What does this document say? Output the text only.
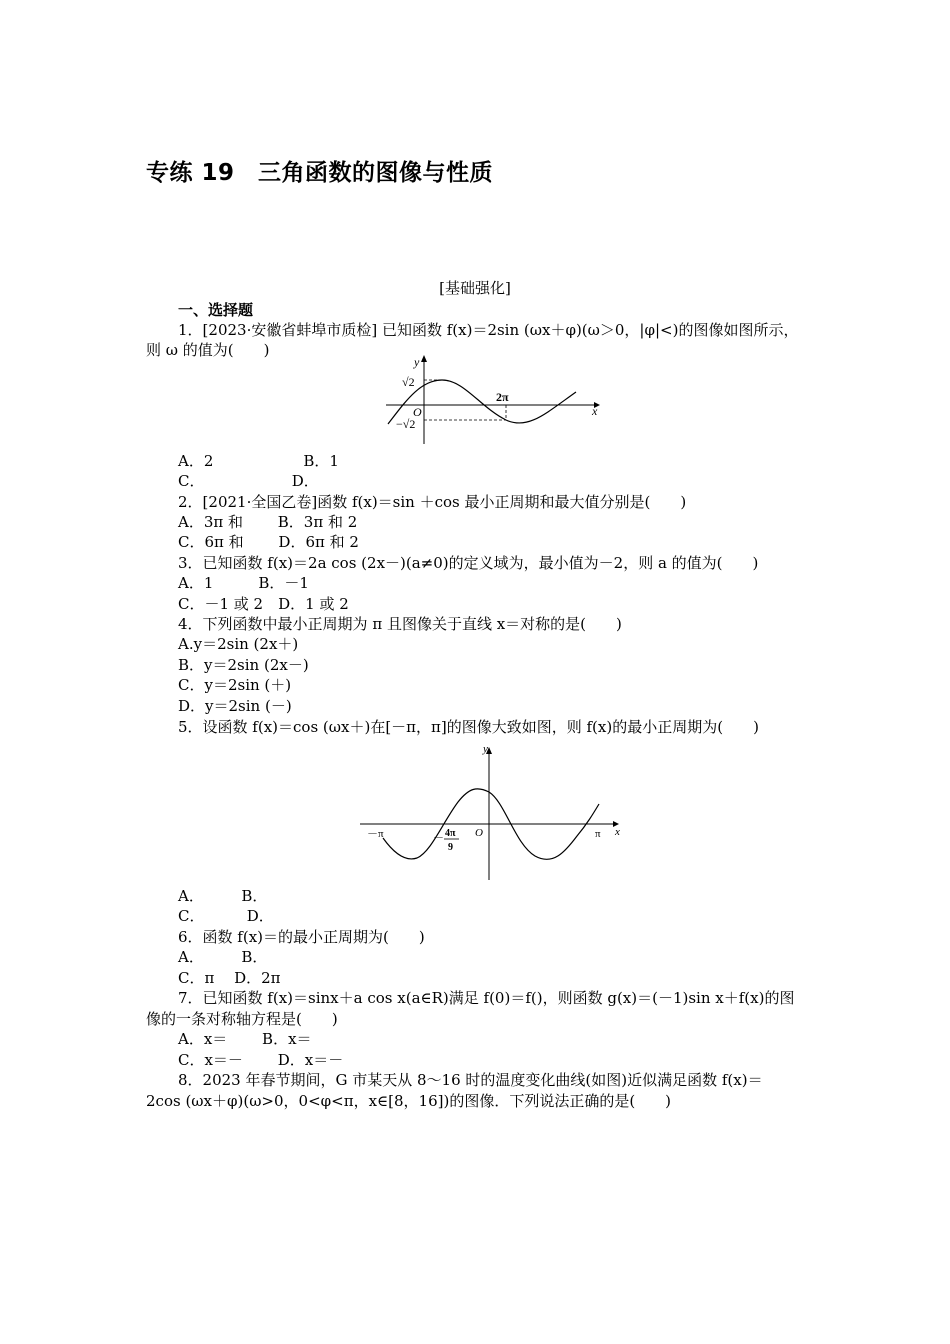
专练 19　三角函数的图像与性质
[基础强化]
一、选择题
1．[2023·安徽省蚌埠市质检] 已知函数 f(x)＝2sin (ωx＋φ)(ω＞0，|φ|<)的图像如图所示，
则 ω 的值为(　　)
y
x
O
√2
−√2
2π
A．2　　　　　　B．1
C．　　　　　　 D．
2．[2021·全国乙卷]函数 f(x)＝sin ＋cos 最小正周期和最大值分别是(　　)
A．3π 和　　 B．3π 和 2
C．6π 和　　 D．6π 和 2
3．已知函数 f(x)＝2a cos (2x－)(a≠0)的定义域为，最小值为－2，则 a 的值为(　　)
A．1　　　B．－1
C．－1 或 2　D．1 或 2
4．下列函数中最小正周期为 π 且图像关于直线 x＝对称的是(　　)
A.y＝2sin (2x＋)
B．y＝2sin (2x－)
C．y＝2sin (＋)
D．y＝2sin (－)
5．设函数 f(x)＝cos (ωx＋)在[－π，π]的图像大致如图，则 f(x)的最小正周期为(　　)
y
x
O
－π	π
－ 4π
9
A．　　　B．
C．　　　 D．
6．函数 f(x)＝的最小正周期为(　　)
A．　　　B．
C．π　 D．2π
7．已知函数 f(x)＝sinx＋a cos x(a∈R)满足 f(0)＝f()，则函数 g(x)＝(－1)sin x＋f(x)的图
像的一条对称轴方程是(　　)
A．x＝　　 B．x＝
C．x＝－　　 D．x＝－
8．2023 年春节期间，G 市某天从 8～16 时的温度变化曲线(如图)近似满足函数 f(x)＝
2cos (ωx＋φ)(ω>0，0<φ<π，x∈[8，16])的图像．下列说法正确的是(　　)
